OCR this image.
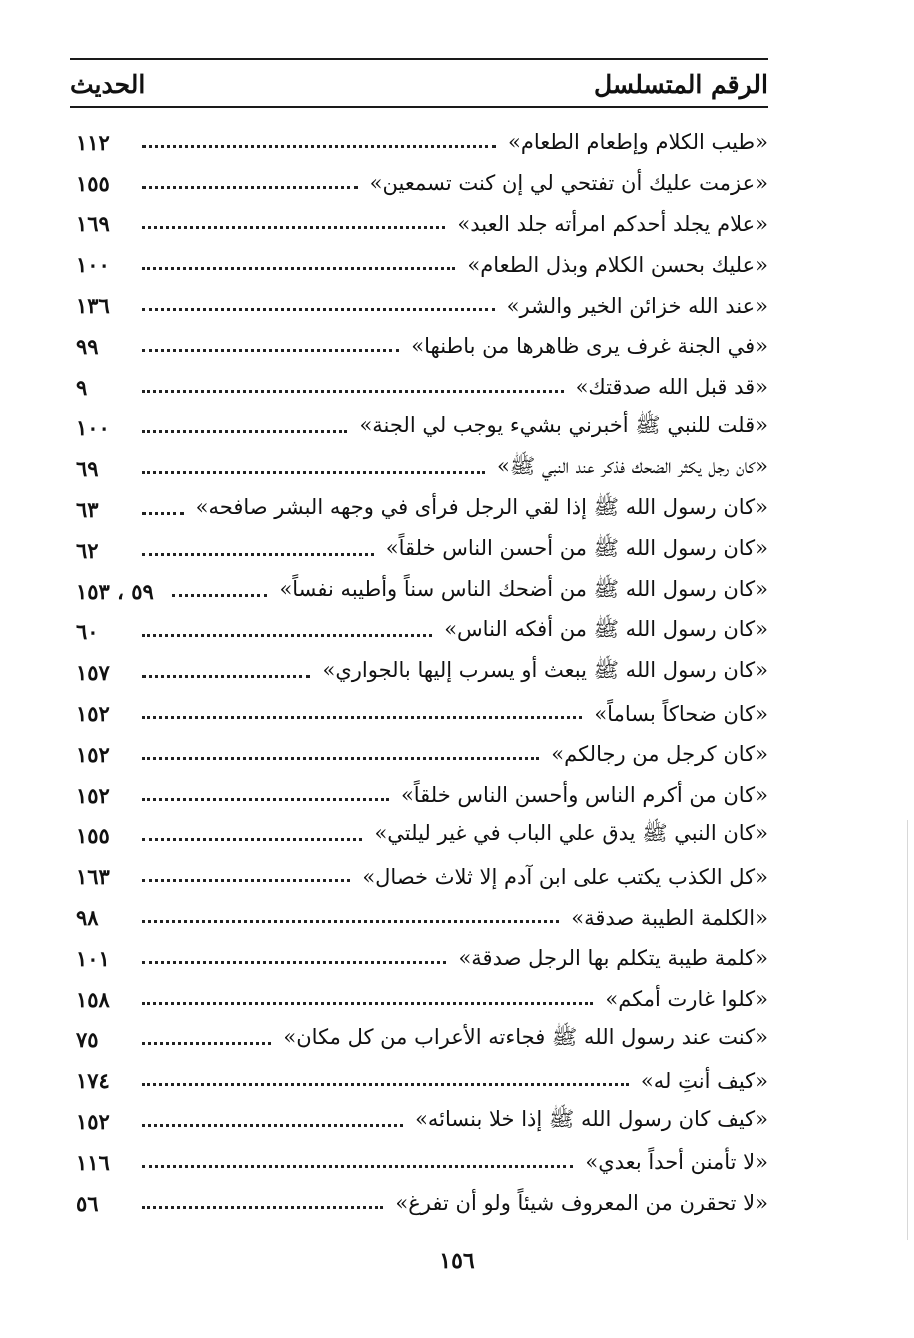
الحديث	الرقم المتسلسل
١١٢	«طيب الكلام وإطعام الطعام»
١٥٥	«عزمت عليك أن تفتحي لي إن كنت تسمعين»
١٦٩	«علام يجلد أحدكم امرأته جلد العبد»
١٠٠	«عليك بحسن الكلام وبذل الطعام»
١٣٦	«عند الله خزائن الخير والشر»
٩٩	«في الجنة غرف يرى ظاهرها من باطنها»
٩	«قد قبل الله صدقتك»
١٠٠	«قلت للنبي ﷺ أخبرني بشيء يوجب لي الجنة»
٦٩	«كان رجل يكثر الضحك فذكر عند النبي ﷺ»
٦٣	«كان رسول الله ﷺ إذا لقي الرجل فرأى في وجهه البشر صافحه»
٦٢	«كان رسول الله ﷺ من أحسن الناس خلقاً»
٥٩ ، ١٥٣	«كان رسول الله ﷺ من أضحك الناس سناً وأطيبه نفساً»
٦٠	«كان رسول الله ﷺ من أفكه الناس»
١٥٧	«كان رسول الله ﷺ يبعث أو يسرب إليها بالجواري»
١٥٢	«كان ضحاكاً بساماً»
١٥٢	«كان كرجل من رجالكم»
١٥٢	«كان من أكرم الناس وأحسن الناس خلقاً»
١٥٥	«كان النبي ﷺ يدق علي الباب في غير ليلتي»
١٦٣	«كل الكذب يكتب على ابن آدم إلا ثلاث خصال»
٩٨	«الكلمة الطيبة صدقة»
١٠١	«كلمة طيبة يتكلم بها الرجل صدقة»
١٥٨	«كلوا غارت أمكم»
٧٥	«كنت عند رسول الله ﷺ فجاءته الأعراب من كل مكان»
١٧٤	«كيف أنتِ له»
١٥٢	«كيف كان رسول الله ﷺ إذا خلا بنسائه»
١١٦	«لا تأمنن أحداً بعدي»
٥٦	«لا تحقرن من المعروف شيئاً ولو أن تفرغ»
١٥٦
